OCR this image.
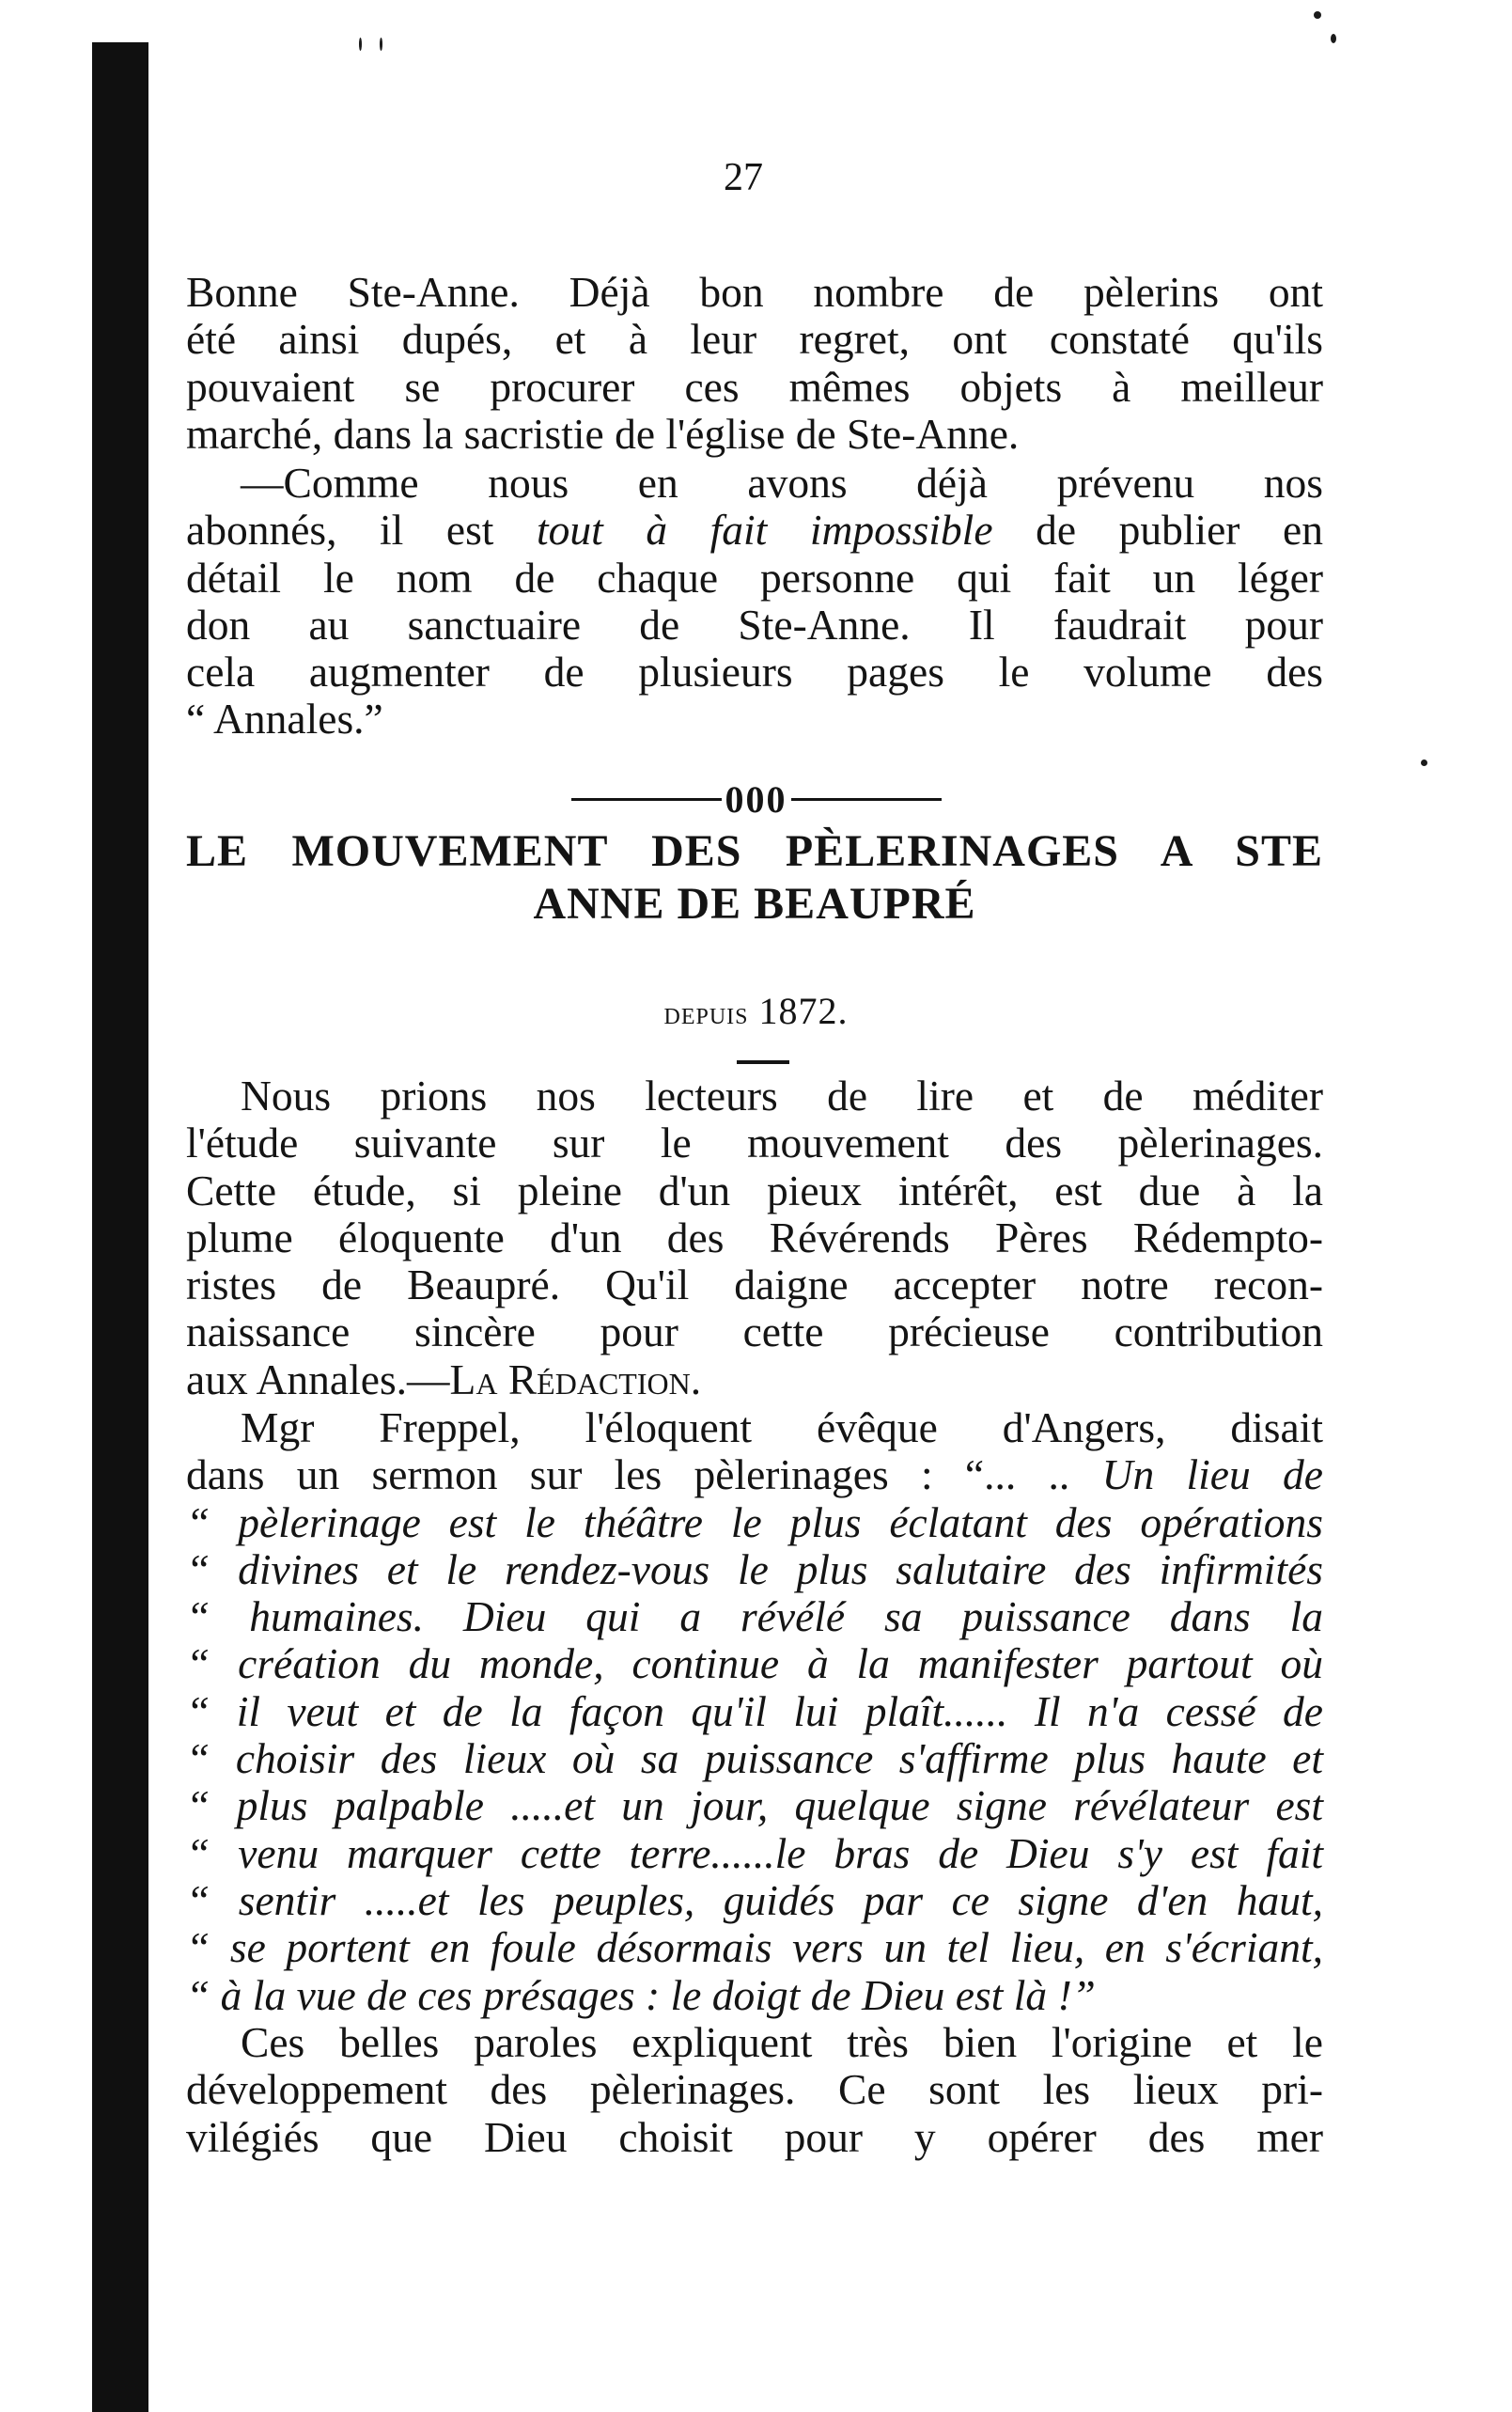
27
Bonne Ste-Anne. Déjà bon nombre de pèlerins ont
été ainsi dupés, et à leur regret, ont constaté qu'ils
pouvaient se procurer ces mêmes objets à meilleur
marché, dans la sacristie de l'église de Ste-Anne.
—Comme nous en avons déjà prévenu nos
abonnés, il est tout à fait impossible de publier en
détail le nom de chaque personne qui fait un léger
don au sanctuaire de Ste-Anne. Il faudrait pour
cela augmenter de plusieurs pages le volume des
“ Annales.”
000
LE MOUVEMENT DES PÈLERINAGES A STE
ANNE DE BEAUPRÉ
depuis 1872.
Nous prions nos lecteurs de lire et de méditer
l'étude suivante sur le mouvement des pèlerinages.
Cette étude, si pleine d'un pieux intérêt, est due à la
plume éloquente d'un des Révérends Pères Rédempto-
ristes de Beaupré. Qu'il daigne accepter notre recon-
naissance sincère pour cette précieuse contribution
aux Annales.—La Rédaction.
Mgr Freppel, l'éloquent évêque d'Angers, disait
dans un sermon sur les pèlerinages : “... .. Un lieu de
“ pèlerinage est le théâtre le plus éclatant des opérations
“ divines et le rendez-vous le plus salutaire des infirmités
“ humaines. Dieu qui a révélé sa puissance dans la
“ création du monde, continue à la manifester partout où
“ il veut et de la façon qu'il lui plaît...... Il n'a cessé de
“ choisir des lieux où sa puissance s'affirme plus haute et
“ plus palpable .....et un jour, quelque signe révélateur est
“ venu marquer cette terre......le bras de Dieu s'y est fait
“ sentir .....et les peuples, guidés par ce signe d'en haut,
“ se portent en foule désormais vers un tel lieu, en s'écriant,
“ à la vue de ces présages : le doigt de Dieu est là !”
Ces belles paroles expliquent très bien l'origine et le
développement des pèlerinages. Ce sont les lieux pri-
vilégiés que Dieu choisit pour y opérer des mer
